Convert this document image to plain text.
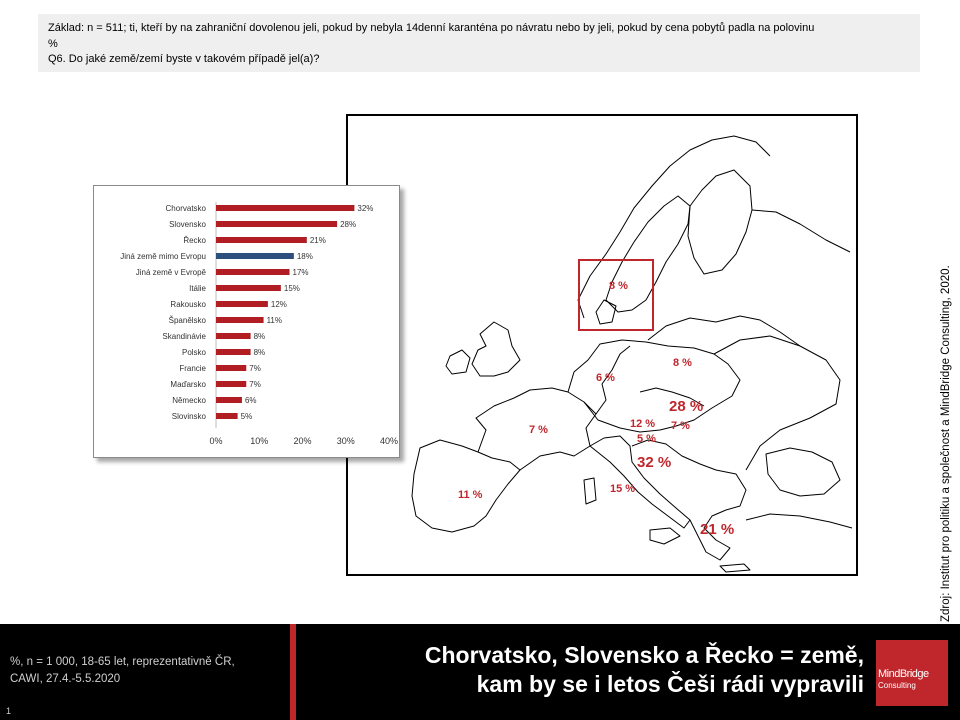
Základ: n = 511; ti, kteří by na zahraniční dovolenou jeli, pokud by nebyla 14denní karanténa po návratu nebo by jeli, pokud by cena pobytů padla na polovinu
%
Q6. Do jaké země/zemí byste v takovém případě jel(a)?
Zdroj: Institut pro politiku a společnost a MindBridge Consulting, 2020.
8 %
8 %
6 %
28 %
7 %	12 % 7 %
5 %
32 %
15 %
11 %
21 %
Chorvatsko	32%
Slovensko	28%
Řecko	21%
Jiná země mimo Evropu	18%
Jiná země v Evropě	17%
Itálie	15%
Rakousko	12%
Španělsko	11%
Skandinávie	8%
Polsko	8%
Francie	7%
Maďarsko	7%
Německo	6%
Slovinsko	5%
0%	10%	20%	30%	40%
%, n = 1 000, 18-65 let, reprezentativně ČR,
CAWI, 27.4.-5.5.2020
1
Chorvatsko, Slovensko a Řecko = země,
kam by se i letos Češi rádi vypravili MindBridge
Consulting
